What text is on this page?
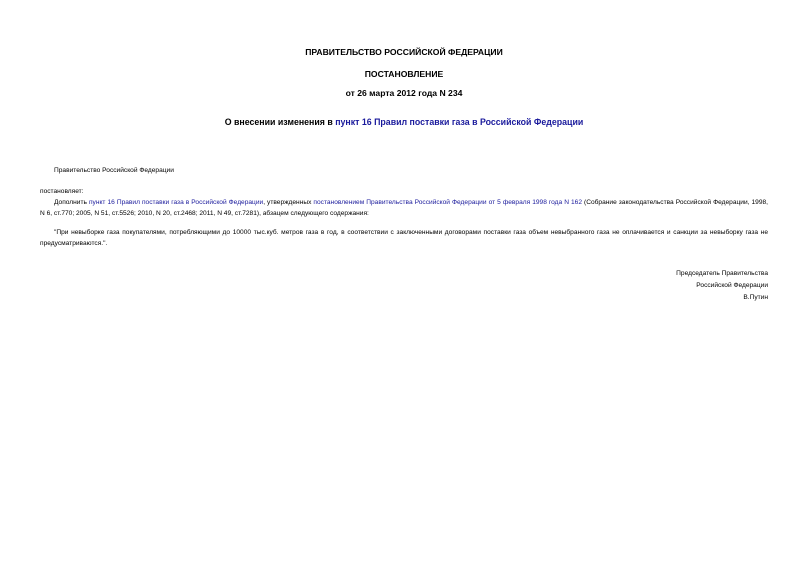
ПРАВИТЕЛЬСТВО РОССИЙСКОЙ ФЕДЕРАЦИИ
ПОСТАНОВЛЕНИЕ
от 26 марта 2012 года N 234
О внесении изменения в пункт 16 Правил поставки газа в Российской Федерации
Правительство Российской Федерации
постановляет:
Дополнить пункт 16 Правил поставки газа в Российской Федерации, утвержденных постановлением Правительства Российской Федерации от 5 февраля 1998 года N 162 (Собрание законодательства Российской Федерации, 1998, N 6, ст.770; 2005, N 51, ст.5526; 2010, N 20, ст.2468; 2011, N 49, ст.7281), абзацем следующего содержания:
"При невыборке газа покупателями, потребляющими до 10000 тыс.куб. метров газа в год, в соответствии с заключенными договорами поставки газа объем невыбранного газа не оплачивается и санкции за невыборку газа не предусматриваются.".
Председатель Правительства
Российской Федерации
В.Путин
